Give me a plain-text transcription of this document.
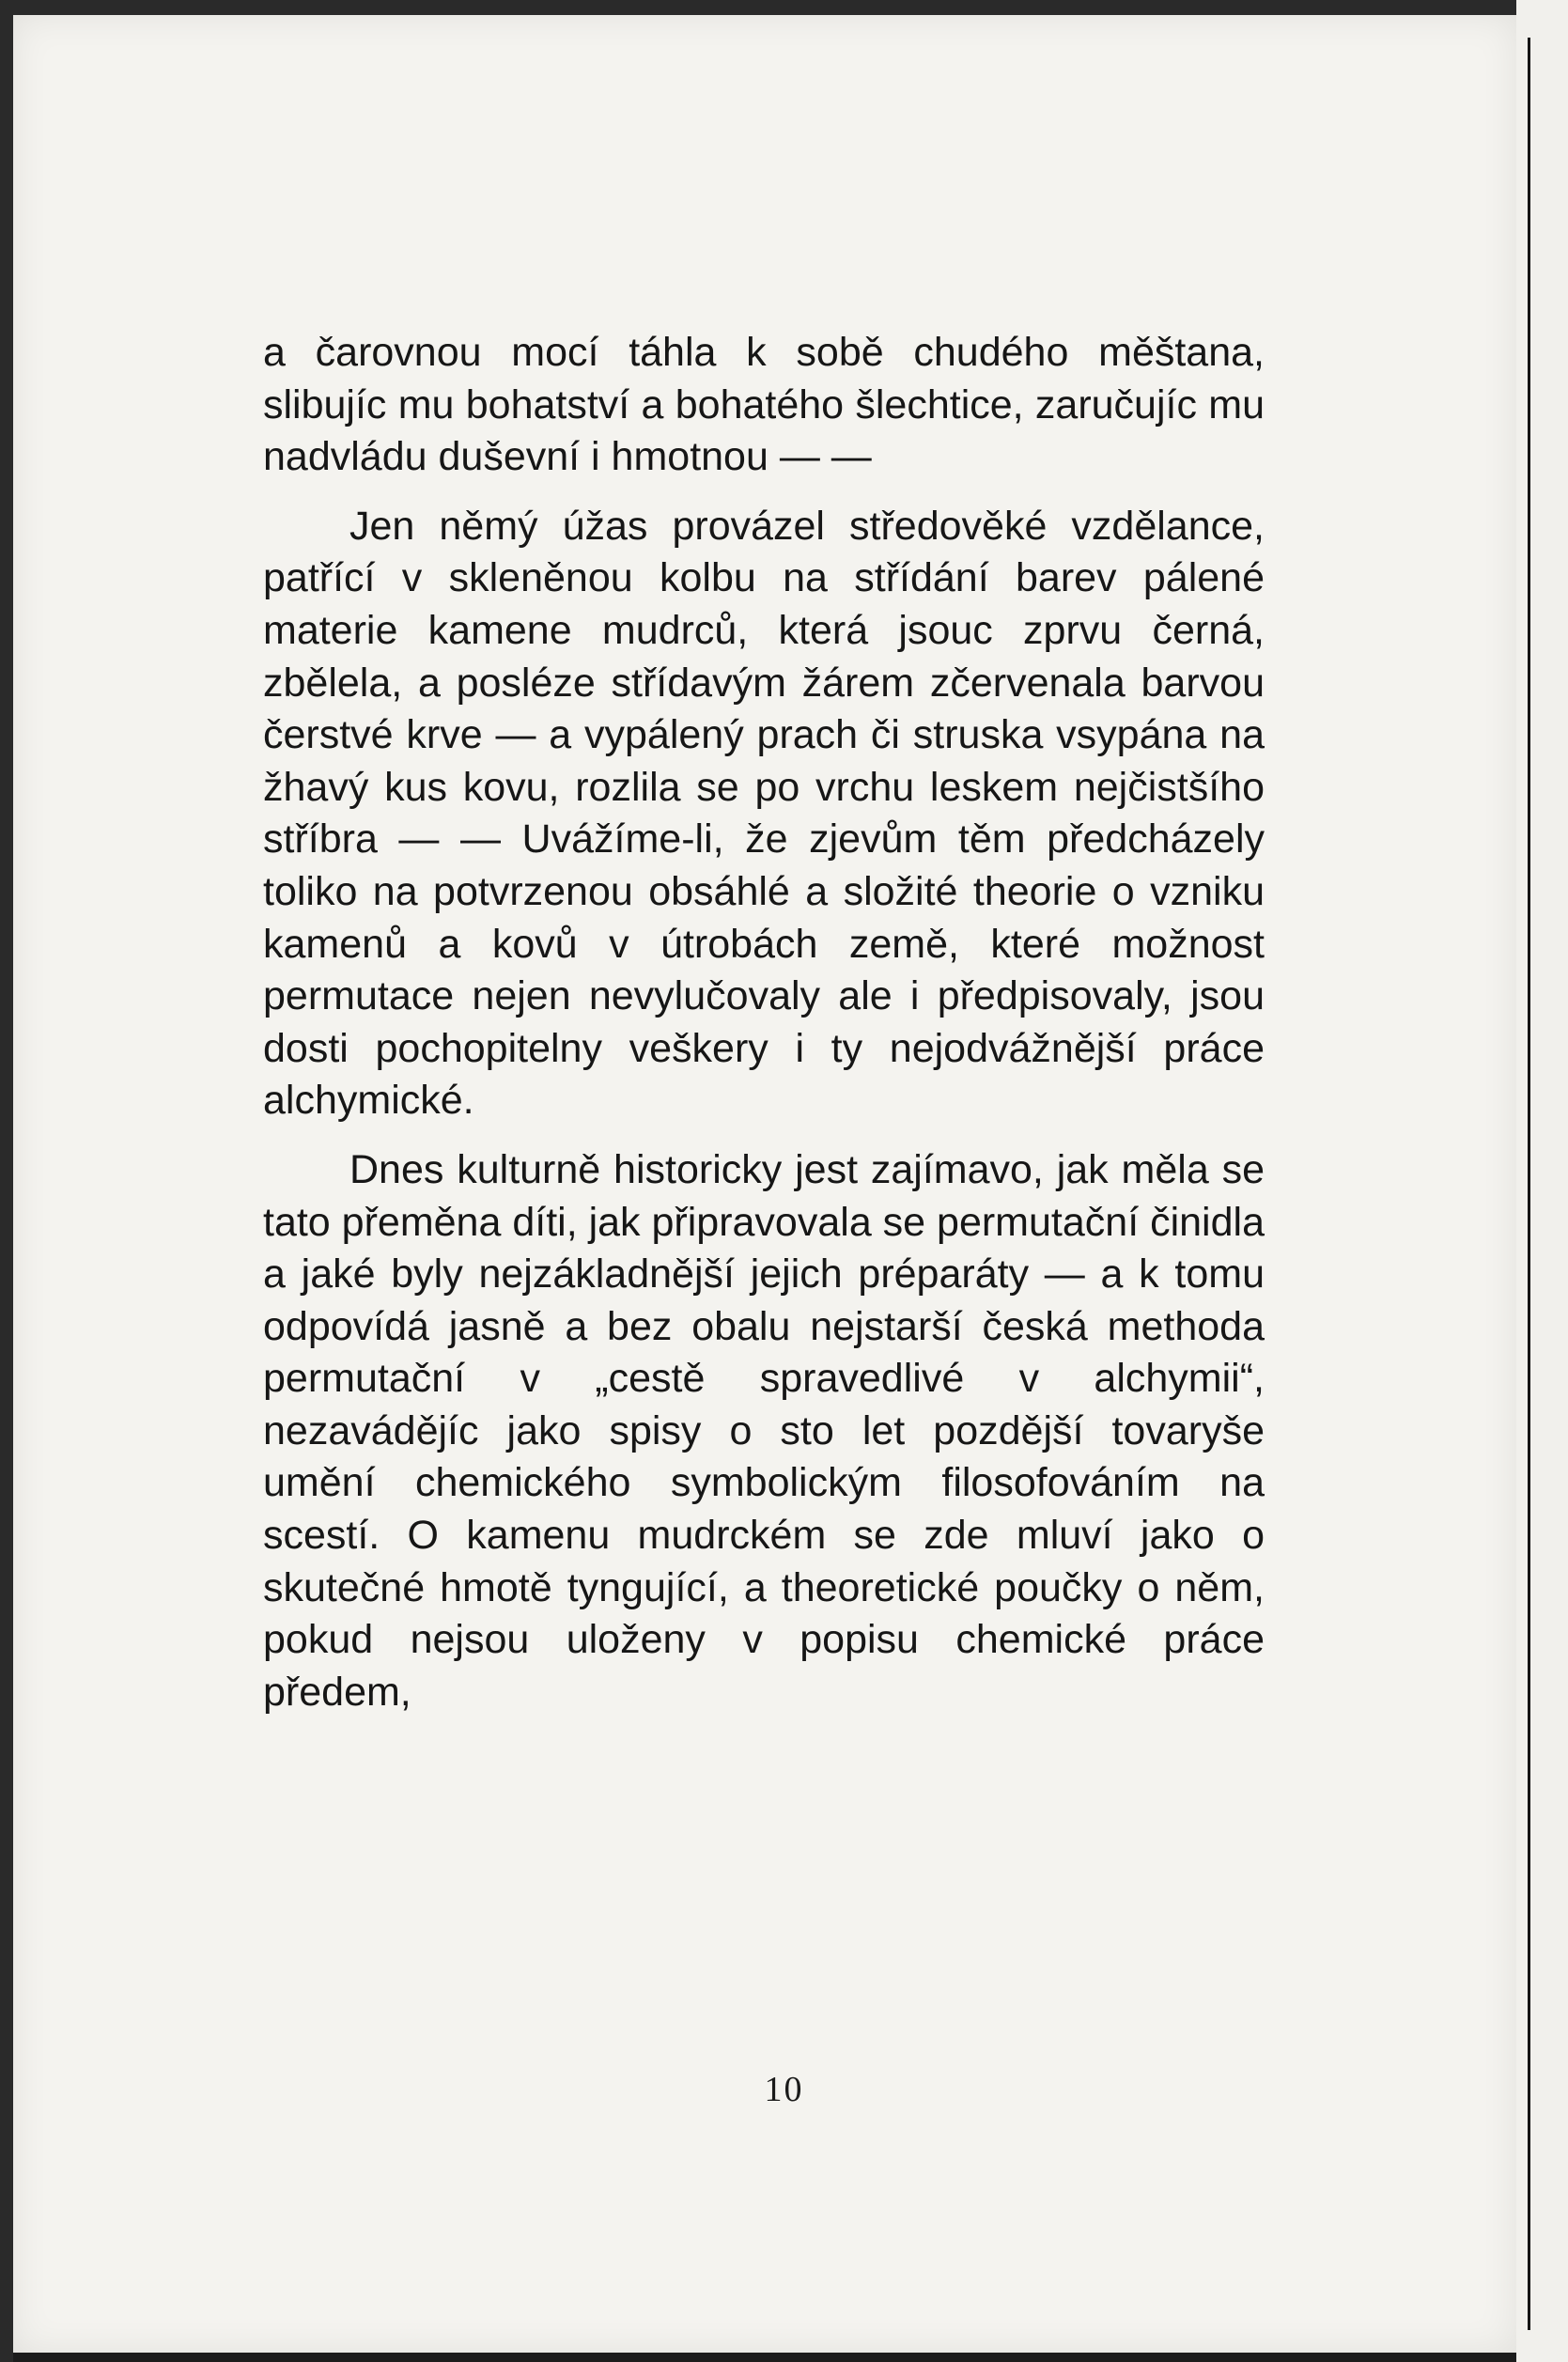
a čarovnou mocí táhla k sobě chudého měštana, slibujíc mu bohatství a bohatého šlechtice, zaručujíc mu nadvládu duševní i hmotnou — —

Jen němý úžas provázel středověké vzdělance, patřící v skleněnou kolbu na střídání barev pálené materie kamene mudrců, která jsouc zprvu černá, zbělela, a posléze střídavým žárem zčervenala barvou čerstvé krve — a vypálený prach či struska vsypána na žhavý kus kovu, rozlila se po vrchu leskem nejčistšího stříbra — — Uvážíme-li, že zjevům těm předcházely toliko na potvrzenou obsáhlé a složité theorie o vzniku kamenů a kovů v útrobách země, které možnost permutace nejen nevylučovaly ale i předpisovaly, jsou dosti pochopitelny veškery i ty nejodvážnější práce alchymické.

Dnes kulturně historicky jest zajímavo, jak měla se tato přeměna díti, jak připravovala se permutační činidla a jaké byly nejzákladnější jejich préparáty — a k tomu odpovídá jasně a bez obalu nejstarší česká methoda permutační v „cestě spravedlivé v alchymii“, nezavádějíc jako spisy o sto let pozdější tovaryše umění chemického symbolickým filosofováním na scestí. O kamenu mudrckém se zde mluví jako o skutečné hmotě tyngující, a theoretické poučky o něm, pokud nejsou uloženy v popisu chemické práce předem,

10
